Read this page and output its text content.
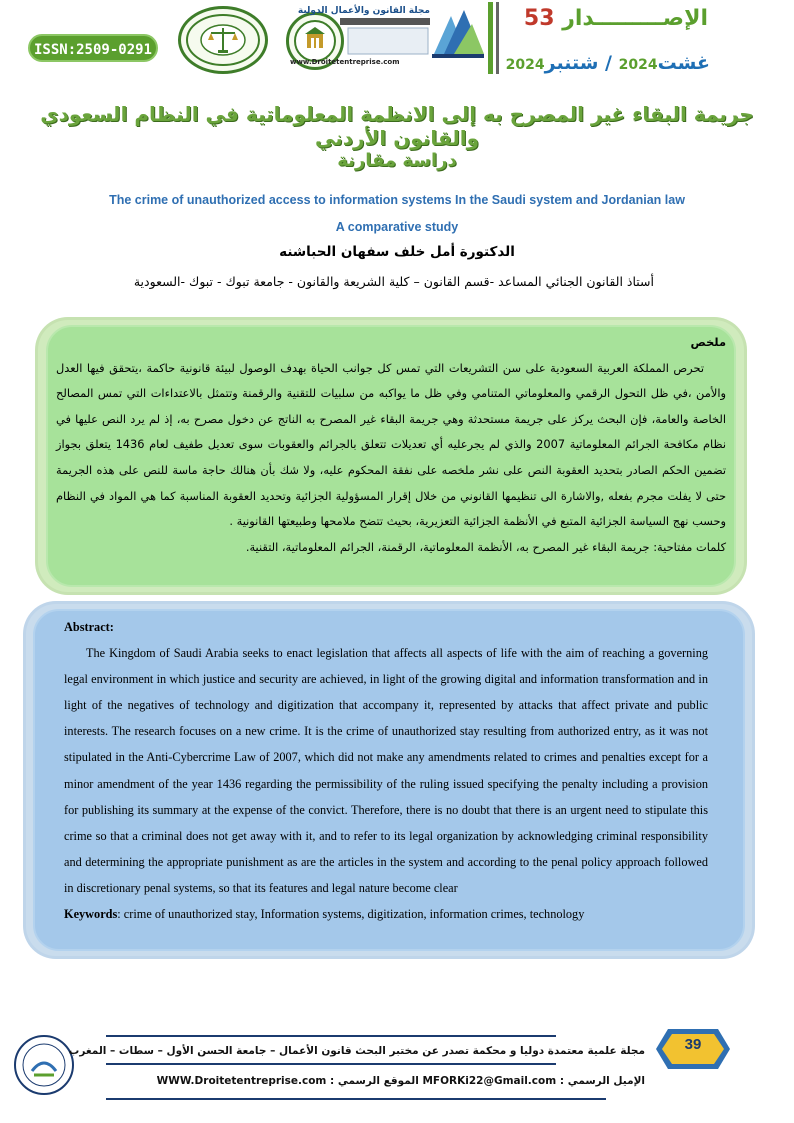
ISSN:2509-0291
مجلة القانون والأعمال الدولية
www.Droitetentreprise.com
الإصـــــــــدار 53
غشت2024 / شتنبر2024
جريمة البقاء غير المصرح به إلى الانظمة المعلوماتية في النظام السعودي والقانون الأردني
دراسة مقارنة
The crime of unauthorized access to information systems In the Saudi system and Jordanian law
A comparative study
الدكتورة أمل خلف سفهان الحباشنه
أستاذ القانون الجنائي المساعد -قسم القانون – كلية الشريعة والقانون - جامعة تبوك - تبوك -السعودية
ملخص

تحرص المملكة العربية السعودية على سن التشريعات التي تمس كل جوانب الحياة بهدف الوصول لبيئة قانونية حاكمة ،يتحقق فيها العدل والأمن ،في ظل التحول الرقمي والمعلوماتي المتنامي وفي ظل ما يواكبه من سلبيات للتقنية والرقمنة وتتمثل بالاعتداءات التي تمس المصالح الخاصة والعامة، فإن البحث يركز على جريمة مستحدثة وهي جريمة البقاء غير المصرح به الناتج عن دخول مصرح به، إذ لم يرد النص عليها في نظام مكافحة الجرائم المعلوماتية 2007 والذي لم يجرعليه أي تعديلات تتعلق بالجرائم والعقوبات سوى تعديل طفيف لعام 1436 يتعلق بجواز تضمين الحكم الصادر بتحديد العقوبة النص على نشر ملخصه على نفقة المحكوم عليه، ولا شك بأن هنالك حاجة ماسة للنص على هذه الجريمة حتى لا يفلت مجرم بفعله ,والاشارة الى تنظيمها القانوني من خلال إقرار المسؤولية الجزائية وتحديد العقوبة المناسبة كما هي المواد في النظام وحسب نهج السياسة الجزائية المتبع في الأنظمة الجزائية التعزيرية، بحيث تتضح ملامحها وطبيعتها القانونية .

كلمات مفتاحية: جريمة البقاء غير المصرح به، الأنظمة المعلوماتية، الرقمنة، الجرائم المعلوماتية، التقنية.

Abstract:

The Kingdom of Saudi Arabia seeks to enact legislation that affects all aspects of life with the aim of reaching a governing legal environment in which justice and security are achieved, in light of the growing digital and information transformation and in light of the negatives of technology and digitization that accompany it, represented by attacks that affect private and public interests. The research focuses on a new crime. It is the crime of unauthorized stay resulting from authorized entry, as it was not stipulated in the Anti-Cybercrime Law of 2007, which did not make any amendments related to crimes and penalties except for a minor amendment of the year 1436 regarding the permissibility of the ruling issued specifying the penalty including a provision for publishing its summary at the expense of the convict. Therefore, there is no doubt that there is an urgent need to stipulate this crime so that a criminal does not get away with it, and to refer to its legal organization by acknowledging criminal responsibility and determining the appropriate punishment as are the articles in the system and according to the penal policy approach followed in discretionary penal systems, so that its features and legal nature become clear

Keywords: crime of unauthorized stay, Information systems, digitization, information crimes, technology

مجلة علمية معتمدة دوليا و محكمة تصدر عن مختبر البحث قانون الأعمال – جامعة الحسن الأول – سطات – المغرب
الإميل الرسمي : MFORKi22@Gmail.com الموقع الرسمي : WWW.Droitetentreprise.com
39
